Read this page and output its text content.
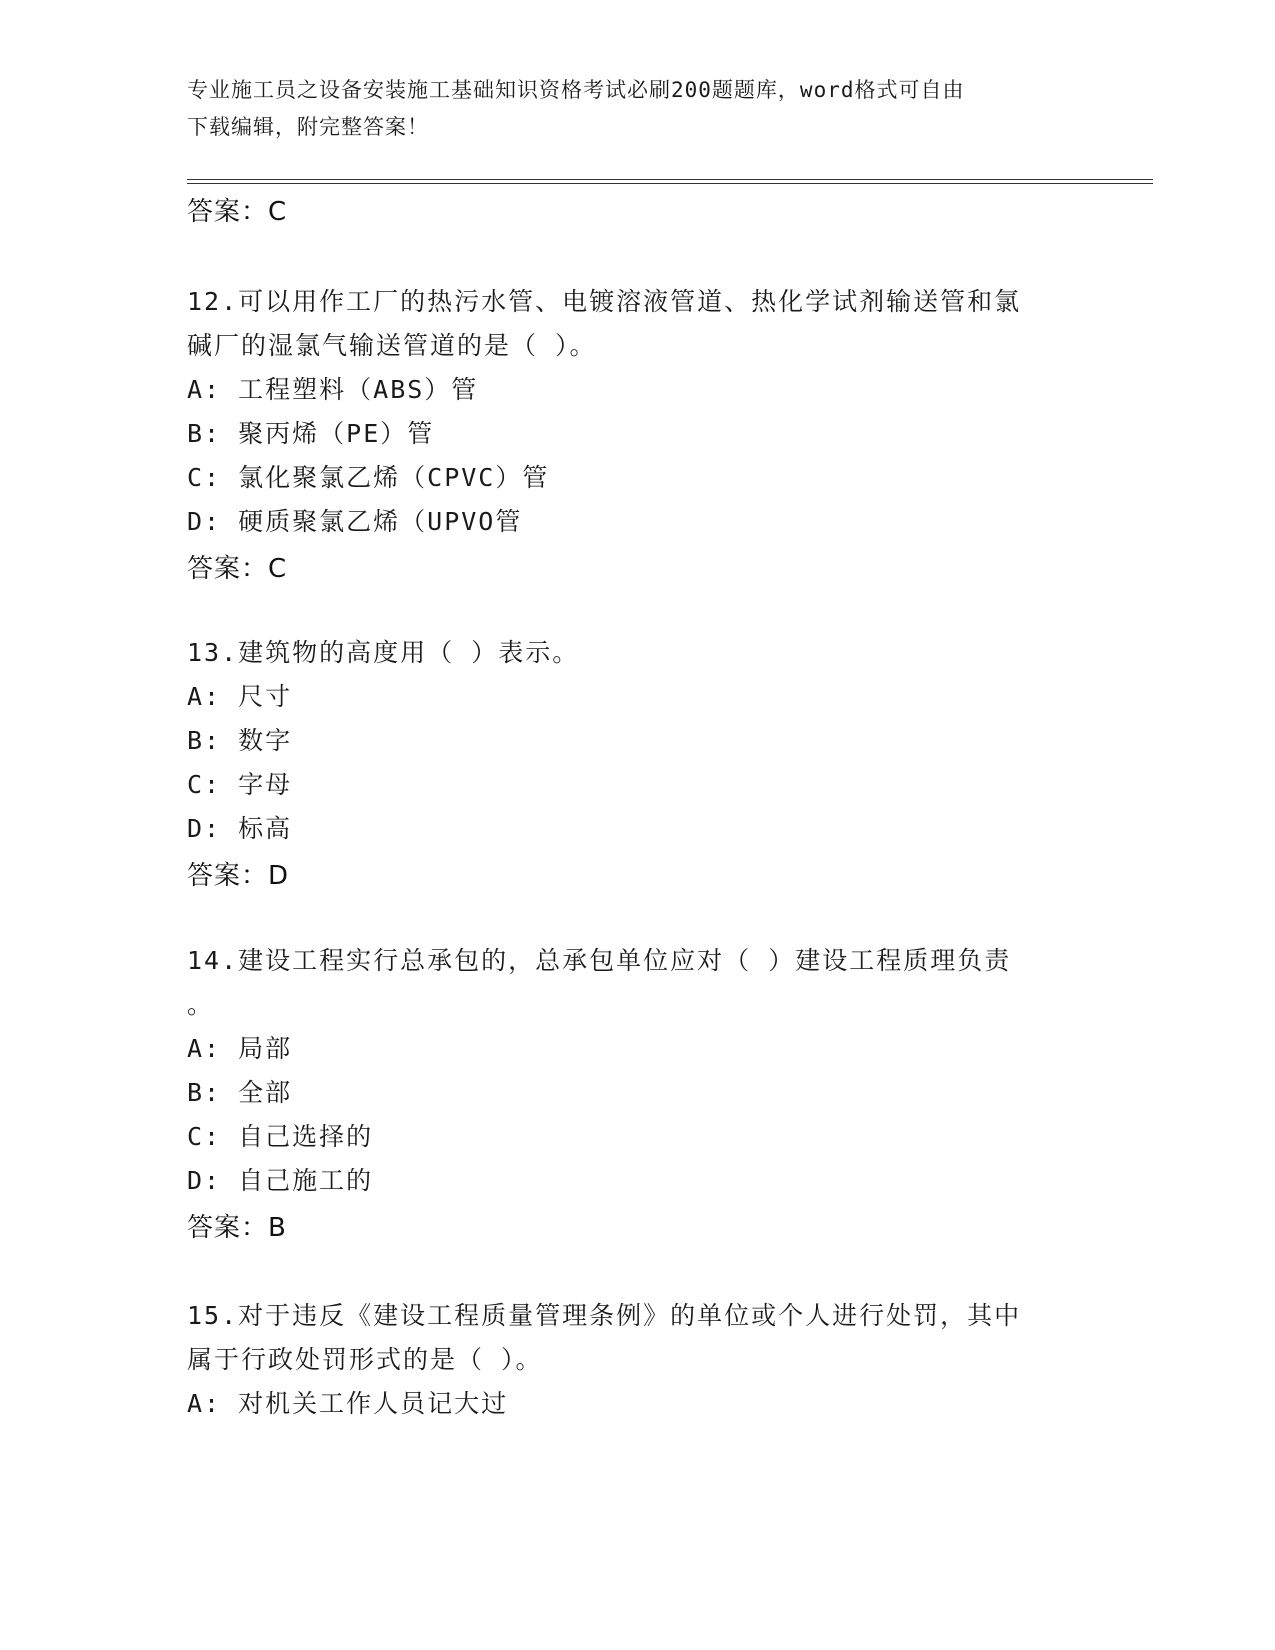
专业施工员之设备安装施工基础知识资格考试必刷200题题库，word格式可自由
下载编辑，附完整答案！
答案：C
12.可以用作工厂的热污水管、电镀溶液管道、热化学试剂输送管和氯
碱厂的湿氯气输送管道的是（ ）。
A: 工程塑料（ABS）管
B: 聚丙烯（PE）管
C: 氯化聚氯乙烯（CPVC）管
D: 硬质聚氯乙烯（UPVO管
答案：C
13.建筑物的高度用（ ）表示。
A: 尺寸
B: 数字
C: 字母
D: 标高
答案：D
14.建设工程实行总承包的，总承包单位应对（ ）建设工程质理负责
。
A: 局部
B: 全部
C: 自己选择的
D: 自己施工的
答案：B
15.对于违反《建设工程质量管理条例》的单位或个人进行处罚，其中
属于行政处罚形式的是（ ）。
A: 对机关工作人员记大过
